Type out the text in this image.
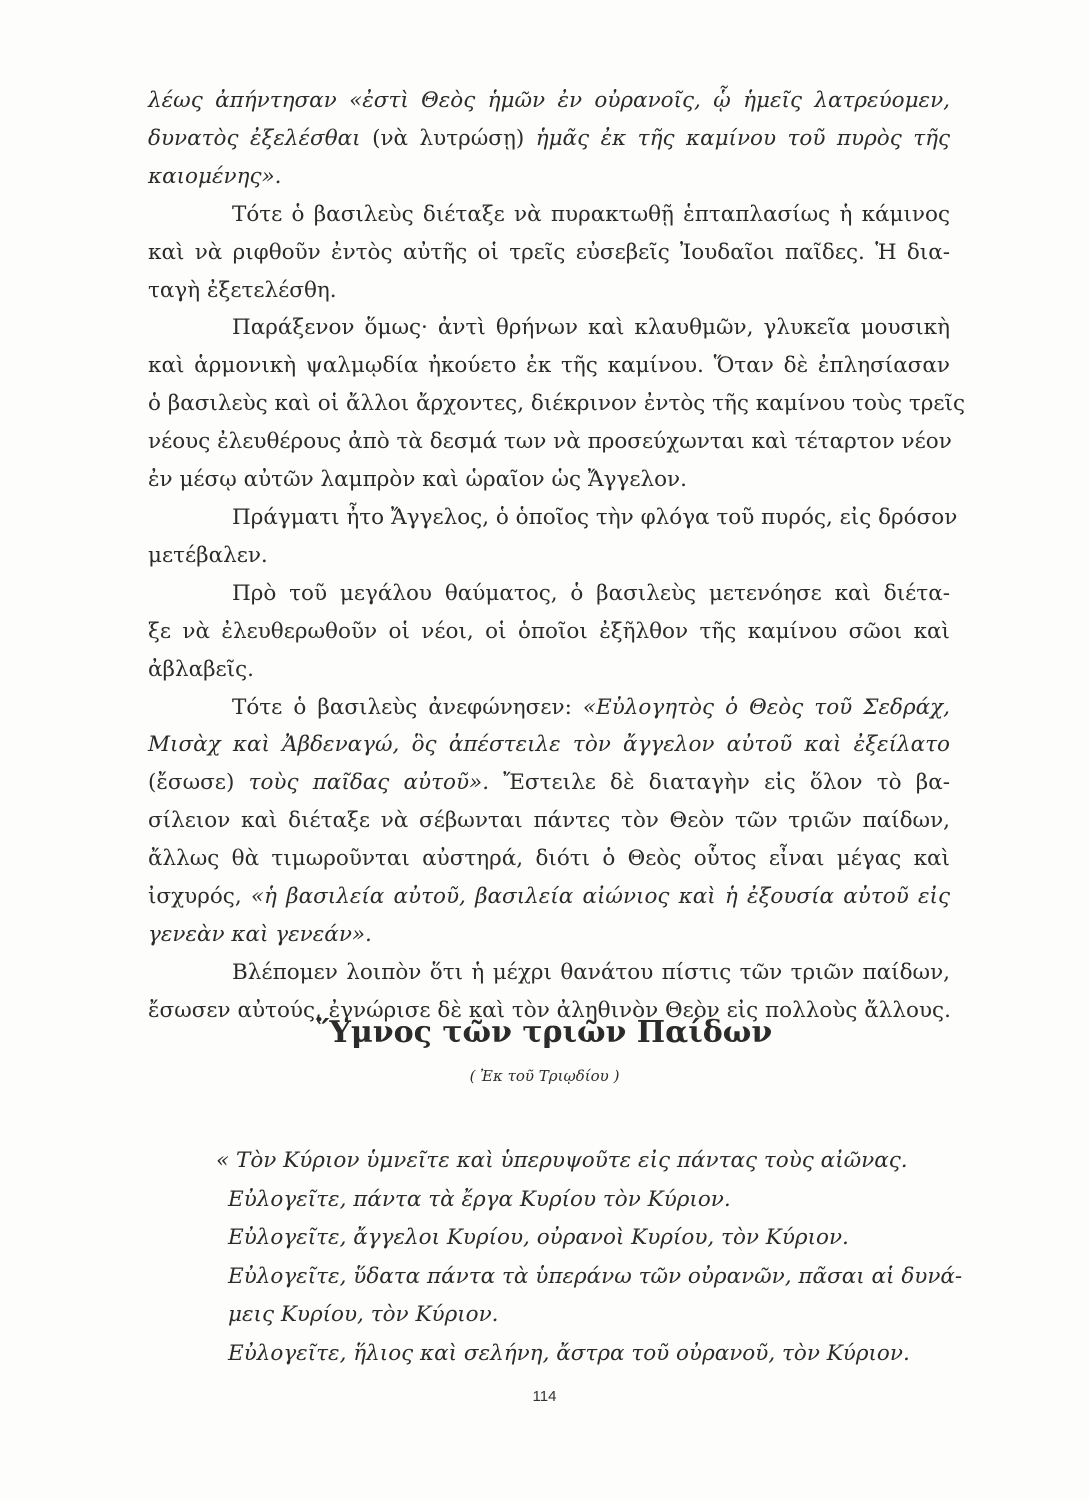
λέως ἀπήντησαν «ἐστὶ Θεὸς ἡμῶν ἐν οὐρανοῖς, ᾧ ἡμεῖς λατρεύομεν,
δυνατὸς ἐξελέσθαι (νὰ λυτρώσῃ) ἡμᾶς ἐκ τῆς καμίνου τοῦ πυρὸς τῆς
καιομένης».
Τότε ὁ βασιλεὺς διέταξε νὰ πυρακτωθῇ ἑπταπλασίως ἡ κάμινος
καὶ νὰ ριφθοῦν ἐντὸς αὐτῆς οἱ τρεῖς εὐσεβεῖς Ἰουδαῖοι παῖδες. Ἡ δια-
ταγὴ ἐξετελέσθη.
Παράξενον ὅμως· ἀντὶ θρήνων καὶ κλαυθμῶν, γλυκεῖα μουσικὴ
καὶ ἁρμονικὴ ψαλμῳδία ἠκούετο ἐκ τῆς καμίνου. Ὅταν δὲ ἐπλησίασαν
ὁ βασιλεὺς καὶ οἱ ἄλλοι ἄρχοντες, διέκρινον ἐντὸς τῆς καμίνου τοὺς τρεῖς
νέους ἐλευθέρους ἀπὸ τὰ δεσμά των νὰ προσεύχωνται καὶ τέταρτον νέον
ἐν μέσῳ αὐτῶν λαμπρὸν καὶ ὡραῖον ὡς Ἄγγελον.
Πράγματι ἦτο Ἄγγελος, ὁ ὁποῖος τὴν φλόγα τοῦ πυρός, εἰς δρόσον
μετέβαλεν.
Πρὸ τοῦ μεγάλου θαύματος, ὁ βασιλεὺς μετενόησε καὶ διέτα-
ξε νὰ ἐλευθερωθοῦν οἱ νέοι, οἱ ὁποῖοι ἐξῆλθον τῆς καμίνου σῶοι καὶ
ἀβλαβεῖς.
Τότε ὁ βασιλεὺς ἀνεφώνησεν: «Εὐλογητὸς ὁ Θεὸς τοῦ Σεδράχ,
Μισὰχ καὶ Ἀβδεναγώ, ὃς ἀπέστειλε τὸν ἄγγελον αὐτοῦ καὶ ἐξείλατο
(ἔσωσε) τοὺς παῖδας αὐτοῦ». Ἔστειλε δὲ διαταγὴν εἰς ὅλον τὸ βα-
σίλειον καὶ διέταξε νὰ σέβωνται πάντες τὸν Θεὸν τῶν τριῶν παίδων,
ἄλλως θὰ τιμωροῦνται αὐστηρά, διότι ὁ Θεὸς οὗτος εἶναι μέγας καὶ
ἰσχυρός, «ἡ βασιλεία αὐτοῦ, βασιλεία αἰώνιος καὶ ἡ ἐξουσία αὐτοῦ εἰς
γενεὰν καὶ γενεάν».
Βλέπομεν λοιπὸν ὅτι ἡ μέχρι θανάτου πίστις τῶν τριῶν παίδων,
ἔσωσεν αὐτούς, ἐγνώρισε δὲ καὶ τὸν ἀληθινὸν Θεὸν εἰς πολλοὺς ἄλλους.
Ὕμνος τῶν τριῶν Παίδων
( Ἐκ τοῦ Τριῳδίου )
« Τὸν Κύριον ὑμνεῖτε καὶ ὑπερυψοῦτε εἰς πάντας τοὺς αἰῶνας.
Εὐλογεῖτε, πάντα τὰ ἔργα Κυρίου τὸν Κύριον.
Εὐλογεῖτε, ἄγγελοι Κυρίου, οὐρανοὶ Κυρίου, τὸν Κύριον.
Εὐλογεῖτε, ὕδατα πάντα τὰ ὑπεράνω τῶν οὐρανῶν, πᾶσαι αἱ δυνά-
μεις Κυρίου, τὸν Κύριον.
Εὐλογεῖτε, ἥλιος καὶ σελήνη, ἄστρα τοῦ οὐρανοῦ, τὸν Κύριον.
114
